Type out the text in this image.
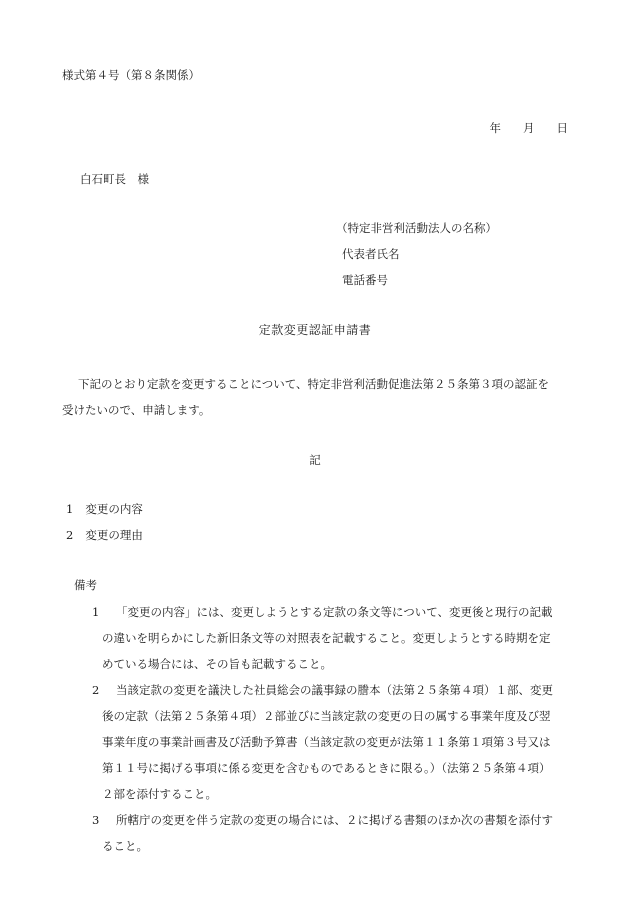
様式第４号（第８条関係）
年 月 日
白石町長　様
（特定非営利活動法人の名称）
代表者氏名
電話番号
定款変更認証申請書
下記のとおり定款を変更することについて、特定非営利活動促進法第２５条第３項の認証を
受けたいので、申請します。
記
1 変更の内容
2 変更の理由
備考
1 「変更の内容」には、変更しようとする定款の条文等について、変更後と現行の記載
の違いを明らかにした新旧条文等の対照表を記載すること。変更しようとする時期を定
めている場合には、その旨も記載すること。
2 当該定款の変更を議決した社員総会の議事録の謄本（法第２５条第４項）１部、変更
後の定款（法第２５条第４項）２部並びに当該定款の変更の日の属する事業年度及び翌
事業年度の事業計画書及び活動予算書（当該定款の変更が法第１１条第１項第３号又は
第１１号に掲げる事項に係る変更を含むものであるときに限る。）（法第２５条第４項）
２部を添付すること。
3 所轄庁の変更を伴う定款の変更の場合には、２に掲げる書類のほか次の書類を添付す
ること。
